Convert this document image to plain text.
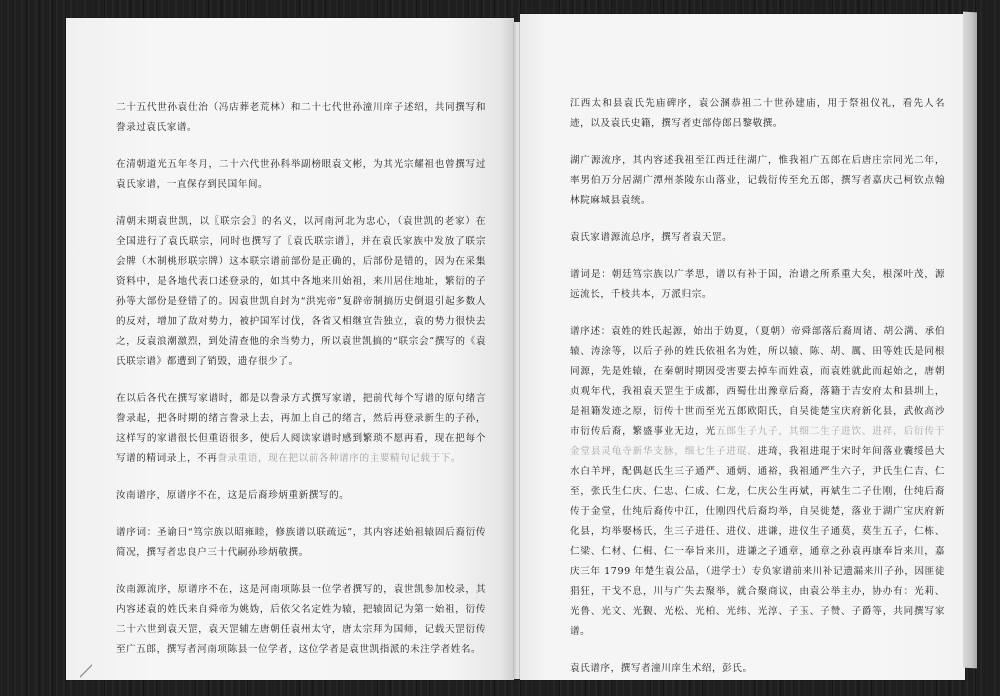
二十五代世孙袁仕治（冯店葬老荒林）和二十七代世孙潼川庠子述绍，共同撰写和誊录过袁氏家谱。

在清朝道光五年冬月，二十六代世孙科举副榜眼袁文彬，为其光宗耀祖也曾撰写过袁氏家谱，一直保存到民国年间。

清朝末期袁世凯，以〖联宗会〗的名义，以河南河北为忠心，（袁世凯的老家）在全国进行了袁氏联宗，同时也撰写了〖袁氏联宗谱〗，并在袁氏家族中发放了联宗会牌（木制桃形联宗牌）这本联宗谱前部份是正确的，后部份是错的，因为在采集资料中，是各地代表口述登录的，如其中各地来川始祖，来川居住地址，繁衍的子孙等大部份是登错了的。因袁世凯自封为“洪宪帝”复辟帝制搞历史倒退引起多数人的反对，增加了敌对势力，被护国军讨伐，各省又相继宣告独立，袁的势力很快去之，反袁浪潮激烈，到处清查他的余当势力，所以袁世凯搞的“联宗会”撰写的《袁氏联宗谱》都遭到了销毁，遗存很少了。

在以后各代在撰写家谱时，都是以誊录方式撰写家谱，把前代每个写谱的原句绪言誊录起，把各时期的绪言誊录上去，再加上自己的绪言，然后再登录新生的子孙，这样写的家谱很长但重语很多，使后人阅读家谱时感到繁琐不愿再看，现在把每个写谱的精词录上，不再誊录重语，现在把以前各种谱序的主要精句记载于下。

汝南谱序，原谱序不在，这是后裔珍炳重新撰写的。

谱序词：圣谕曰“笃宗族以昭雍睦，修族谱以联疏远”，其内容述始祖辕固后裔衍传简况，撰写者忠良户三十代嗣孙珍炳敬撰。

汝南源流序，原谱序不在，这是河南项陈县一位学者撰写的，袁世凯参加校录，其内容述袁的姓氏来自舜帝为姚妫，后依父名定姓为辕，把辕固记为第一始祖，衍传二十六世到袁天罡，袁天罡辅左唐朝任袁州太守，唐太宗拜为国师，记载天罡衍传至广五郎，撰写者河南项陈县一位学者，这位学者是袁世凯指派的未注学者姓名。

江西太和县袁氏先庙碑序，袁公溷恭祖二十世孙建庙，用于祭祖仪礼，看先人名迹，以及袁氏史籍，撰写者吏部侍郎吕黎敬撰。

湖广源流序，其内容述我祖至江西迁往湖广，惟我祖广五郎在后唐庄宗同光二年，率男伯万分居湖广潭州茶陵东山落业，记载衍传至允五郎，撰写者嘉庆己柯钦点翰林院麻城县袁统。

袁氏家谱源流总序，撰写者袁天罡。

谱词是：朝廷笃宗族以广孝思，谱以有补于国，治谱之所系重大矣，根深叶茂，源远流长，千枝共本，万派归宗。

谱序述：袁姓的姓氏起源，始出于妫夏，（夏朝）帝舜部落后裔周诸、胡公满、承伯辕、涛涂等，以后子孙的姓氏依祖名为姓，所以辕、陈、胡、厲、田等姓氏是同根同源，先是姓辕，在秦朝时期因受害要去掉车而姓袁，而袁姓就此而起始之，唐朝贞观年代，我祖袁天罡生于成都，西蜀仕出豫章后裔，落籍于吉安府太和县圳上，是祖籍发迹之原，衍传十世而至光五郎欧阳氏，自吴徙楚宝庆府新化县，武攸高沙市衍传后裔，繁盛事业无边，光五郎生子九子，其细二生子进饮、进祥，后衍传于金堂县灵龟寺新华支脉，细七生子进琨、进琦，我祖进琨于宋时年间落业囊绥邑大水白羊坪，配偶赵氏生三子通严、通炳、通裕，我祖通严生六子，尹氏生仁吉、仁至，张氏生仁庆、仁忠、仁成、仁龙，仁庆公生再斌，再斌生二子仕刚，仕纯后裔传于金堂，仕纯后裔传中江，仕刚四代后裔均举，自吴徙楚，落业于湖广宝庆府新化县，均举娶杨氏，生三子进任、进仪、进谦，进仪生子通莫，莫生五子，仁栋、仁梁、仁材、仁楫、仁一奉旨来川，进谦之子通章，通章之孙袁再康奉旨来川，嘉庆三年 1799 年楚生袁公品，（进学士）专负家谱前来川补记遗漏来川子孙，因匪徒猖狂，干戈不息，川与广失去聚举，就合聚商议，由袁公举主办，协办有：光莉、光鲁、光文、光觐、光松、光柏、光纬、光淳、子玉、子赞、子爵等，共同撰写家谱。

袁氏谱序，撰写者潼川庠生术绍，彭氏。
